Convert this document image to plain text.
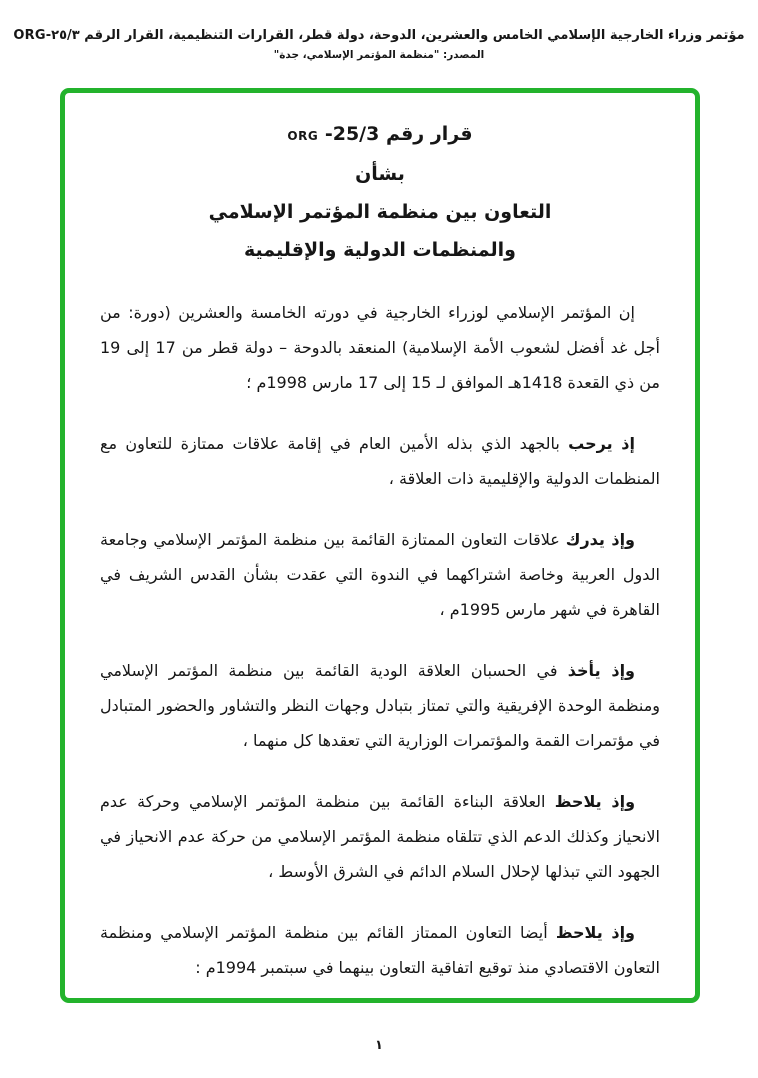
مؤتمر وزراء الخارجية الإسلامي الخامس والعشرين، الدوحة، دولة قطر، القرارات التنظيمية، القرار الرقم ٢٥/٣-ORG
المصدر: "منظمة المؤتمر الإسلامي، جدة"
قرار رقم 25/3- ORG
بشأن
التعاون بين منظمة المؤتمر الإسلامي
والمنظمات الدولية والإقليمية

إن المؤتمر الإسلامي لوزراء الخارجية في دورته الخامسة والعشرين (دورة: من أجل غد أفضل لشعوب الأمة الإسلامية) المنعقد بالدوحة – دولة قطر من 17 إلى 19 من ذي القعدة 1418هـ الموافق لـ 15 إلى 17 مارس 1998م ؛

إذ يرحب بالجهد الذي بذله الأمين العام في إقامة علاقات ممتازة للتعاون مع المنظمات الدولية والإقليمية ذات العلاقة ،

وإذ يدرك علاقات التعاون الممتازة القائمة بين منظمة المؤتمر الإسلامي وجامعة الدول العربية وخاصة اشتراكهما في الندوة التي عقدت بشأن القدس الشريف في القاهرة في شهر مارس 1995م ،

وإذ يأخذ في الحسبان العلاقة الودية القائمة بين منظمة المؤتمر الإسلامي ومنظمة الوحدة الإفريقية والتي تمتاز بتبادل وجهات النظر والتشاور والحضور المتبادل في مؤتمرات القمة والمؤتمرات الوزارية التي تعقدها كل منهما ،

وإذ يلاحظ العلاقة البناءة القائمة بين منظمة المؤتمر الإسلامي وحركة عدم الانحياز وكذلك الدعم الذي تتلقاه منظمة المؤتمر الإسلامي من حركة عدم الانحياز في الجهود التي تبذلها لإحلال السلام الدائم في الشرق الأوسط ،

وإذ يلاحظ أيضا التعاون الممتاز القائم بين منظمة المؤتمر الإسلامي ومنظمة التعاون الاقتصادي منذ توقيع اتفاقية التعاون بينهما في سبتمبر 1994م :

١
